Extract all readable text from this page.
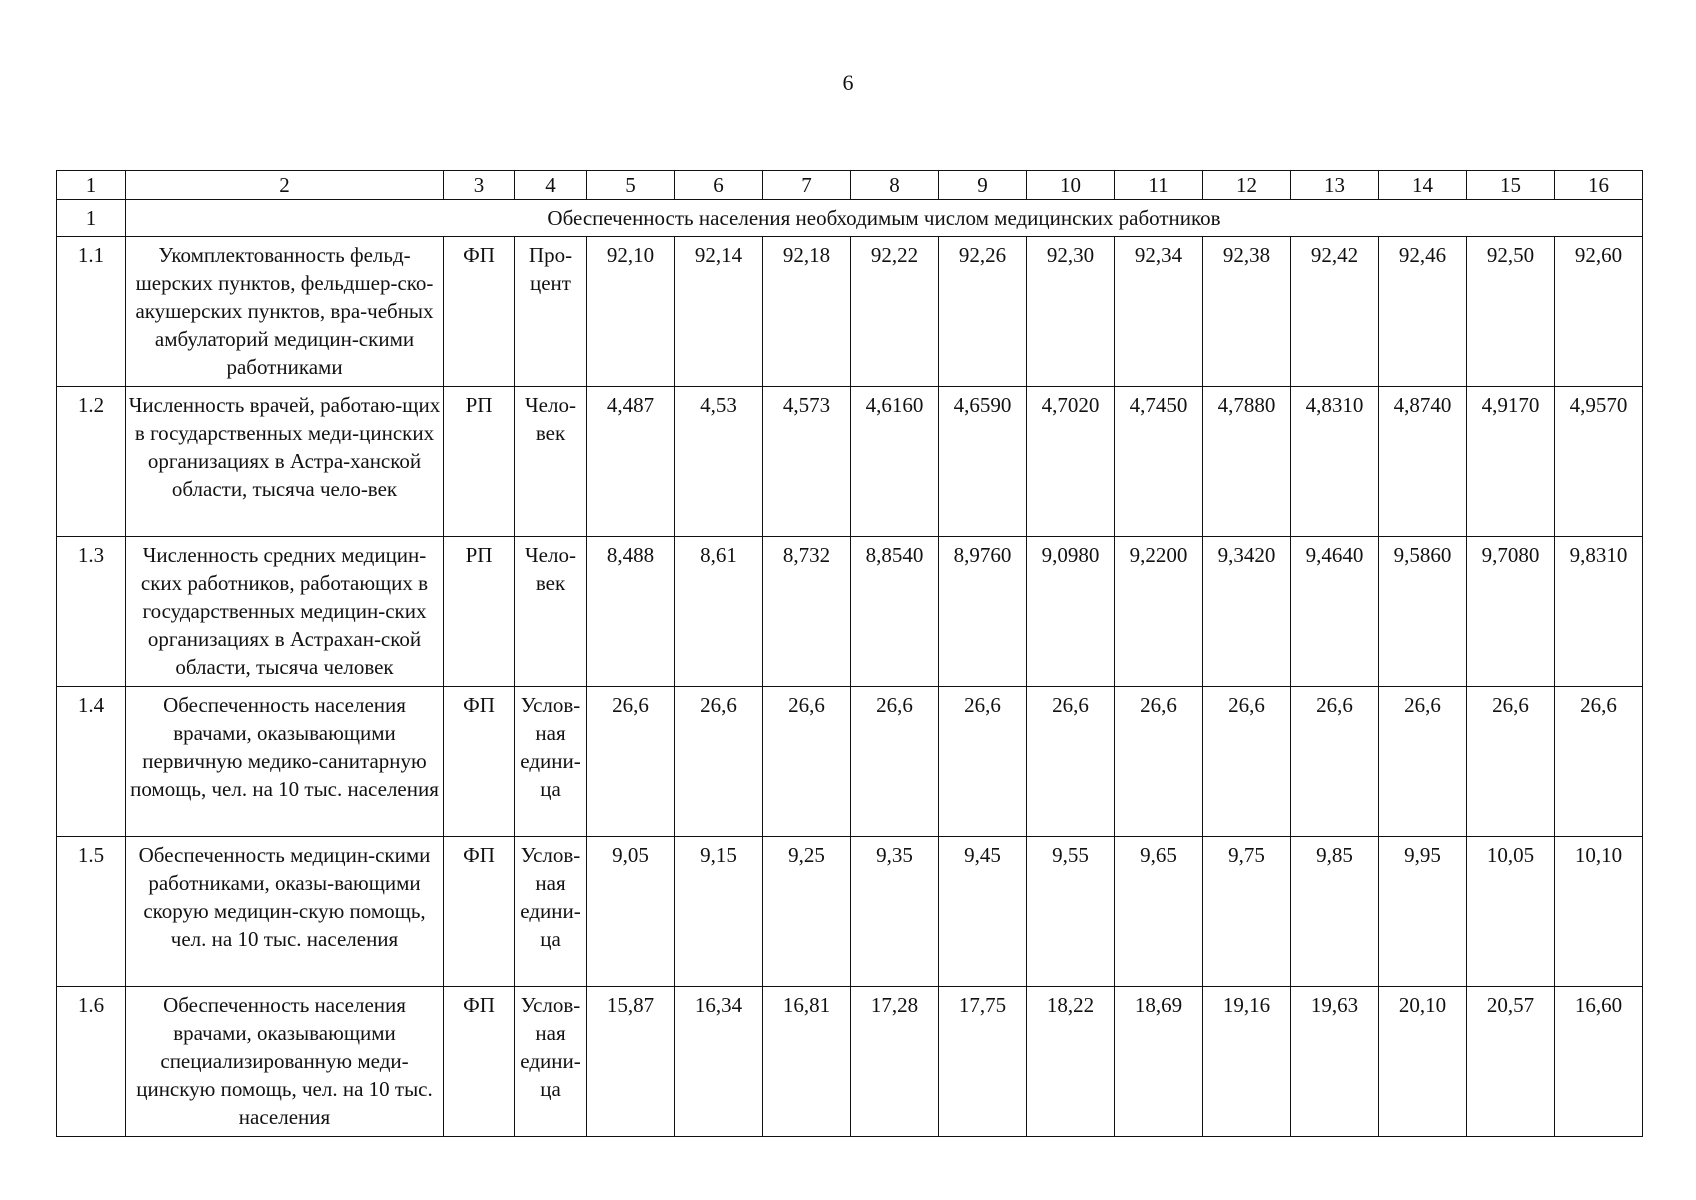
6
1	2	3	4	5	6	7	8	9	10	11	12	13	14	15	16
1	Обеспеченность населения необходимым числом медицинских работников														
1.1	Укомплектованность фельд-шерских пунктов, фельдшер-ско-акушерских пунктов, вра-чебных амбулаторий медицин-скими работниками	ФП	Про-цент	92,10	92,14	92,18	92,22	92,26	92,30	92,34	92,38	92,42	92,46	92,50	92,60
1.2	Численность врачей, работаю-щих в государственных меди-цинских организациях в Астра-ханской области, тысяча чело-век	РП	Чело-век	4,487	4,53	4,573	4,6160	4,6590	4,7020	4,7450	4,7880	4,8310	4,8740	4,9170	4,9570
1.3	Численность средних медицин-ских работников, работающих в государственных медицин-ских организациях в Астрахан-ской области, тысяча человек	РП	Чело-век	8,488	8,61	8,732	8,8540	8,9760	9,0980	9,2200	9,3420	9,4640	9,5860	9,7080	9,8310
1.4	Обеспеченность населения врачами, оказывающими первичную медико-санитарную помощь, чел. на 10 тыс. населения	ФП	Услов-ная едини-ца	26,6	26,6	26,6	26,6	26,6	26,6	26,6	26,6	26,6	26,6	26,6	26,6
1.5	Обеспеченность медицин-скими работниками, оказы-вающими скорую медицин-скую помощь, чел. на 10 тыс. населения	ФП	Услов-ная едини-ца	9,05	9,15	9,25	9,35	9,45	9,55	9,65	9,75	9,85	9,95	10,05	10,10
1.6	Обеспеченность населения врачами, оказывающими специализированную меди-цинскую помощь, чел. на 10 тыс. населения	ФП	Услов-ная едини-ца	15,87	16,34	16,81	17,28	17,75	18,22	18,69	19,16	19,63	20,10	20,57	16,60
